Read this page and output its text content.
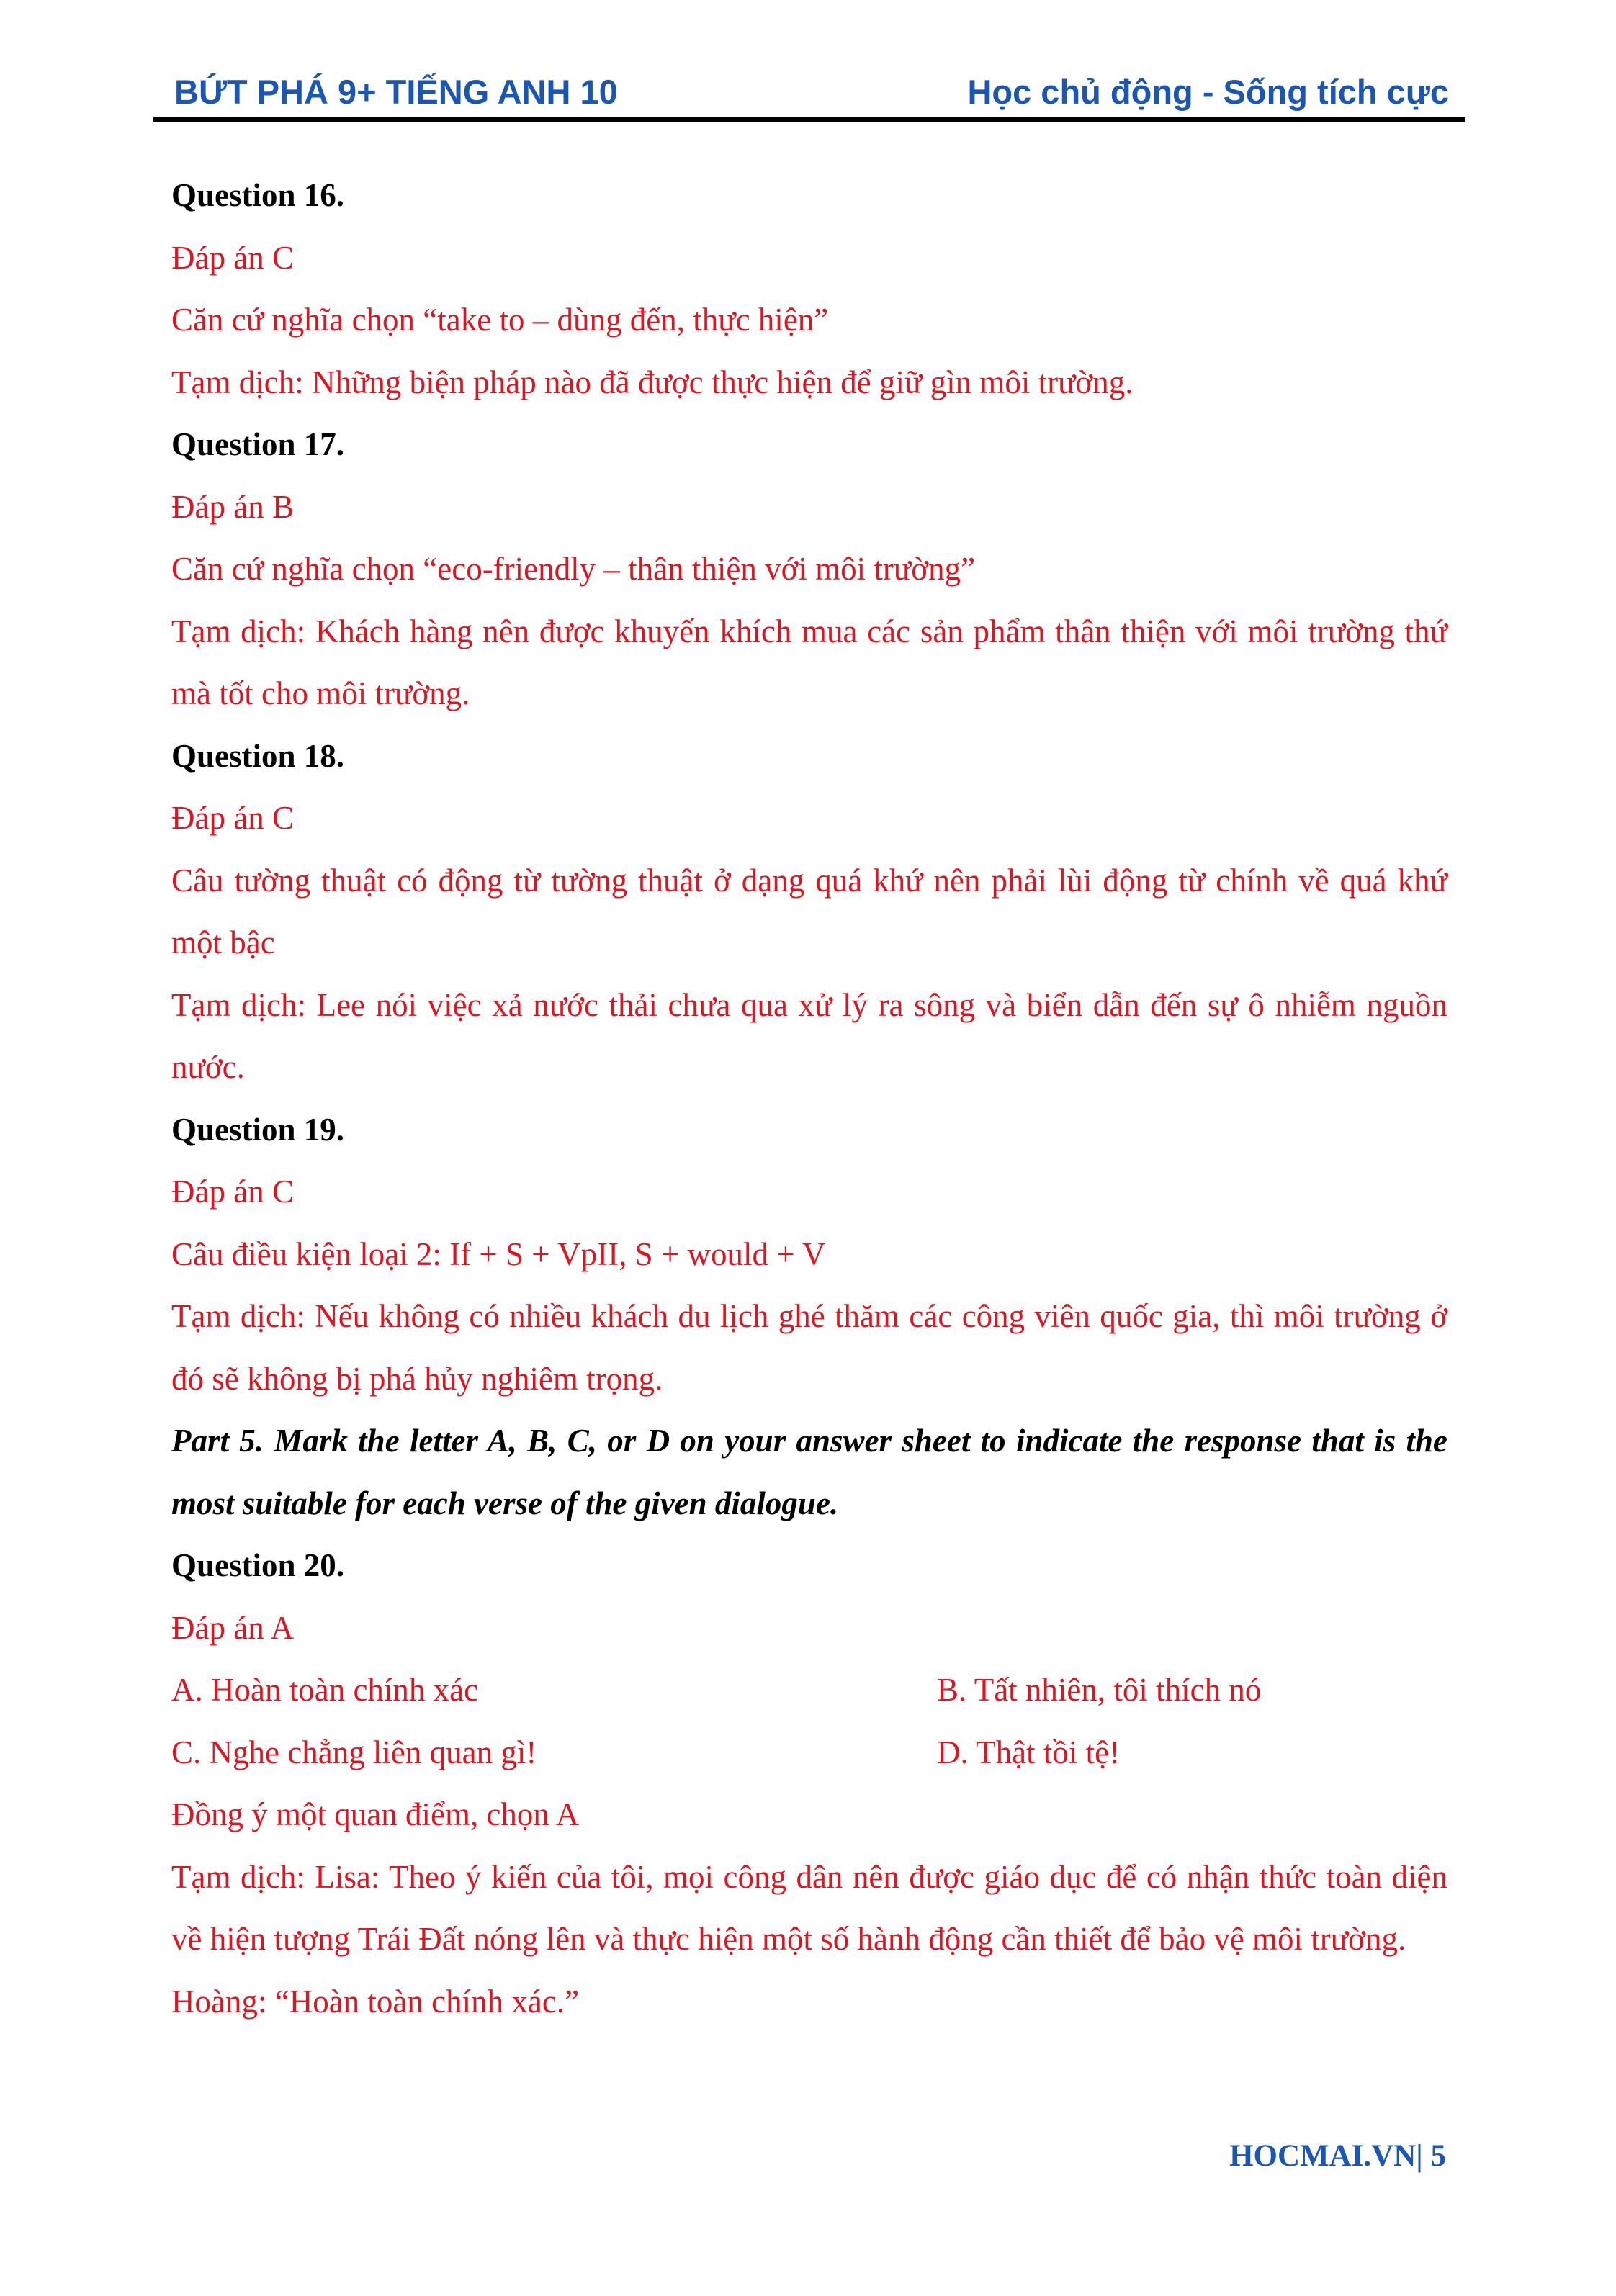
BỨT PHÁ 9+ TIẾNG ANH 10	Học chủ động - Sống tích cực

Question 16.

Đáp án C

Căn cứ nghĩa chọn “take to – dùng đến, thực hiện”

Tạm dịch: Những biện pháp nào đã được thực hiện để giữ gìn môi trường.

Question 17.

Đáp án B

Căn cứ nghĩa chọn “eco-friendly – thân thiện với môi trường”

Tạm dịch: Khách hàng nên được khuyến khích mua các sản phẩm thân thiện với môi trường thứ mà tốt cho môi trường.

Question 18.

Đáp án C

Câu tường thuật có động từ tường thuật ở dạng quá khứ nên phải lùi động từ chính về quá khứ một bậc

Tạm dịch: Lee nói việc xả nước thải chưa qua xử lý ra sông và biển dẫn đến sự ô nhiễm nguồn nước.

Question 19.

Đáp án C

Câu điều kiện loại 2: If + S + VpII, S + would + V

Tạm dịch: Nếu không có nhiều khách du lịch ghé thăm các công viên quốc gia, thì môi trường ở đó sẽ không bị phá hủy nghiêm trọng.

Part 5. Mark the letter A, B, C, or D on your answer sheet to indicate the response that is the most suitable for each verse of the given dialogue.

Question 20.

Đáp án A

A. Hoàn toàn chính xác	B. Tất nhiên, tôi thích nó
C. Nghe chẳng liên quan gì!	D. Thật tồi tệ!

Đồng ý một quan điểm, chọn A

Tạm dịch: Lisa: Theo ý kiến của tôi, mọi công dân nên được giáo dục để có nhận thức toàn diện về hiện tượng Trái Đất nóng lên và thực hiện một số hành động cần thiết để bảo vệ môi trường.

Hoàng: “Hoàn toàn chính xác.”

HOCMAI.VN| 5
